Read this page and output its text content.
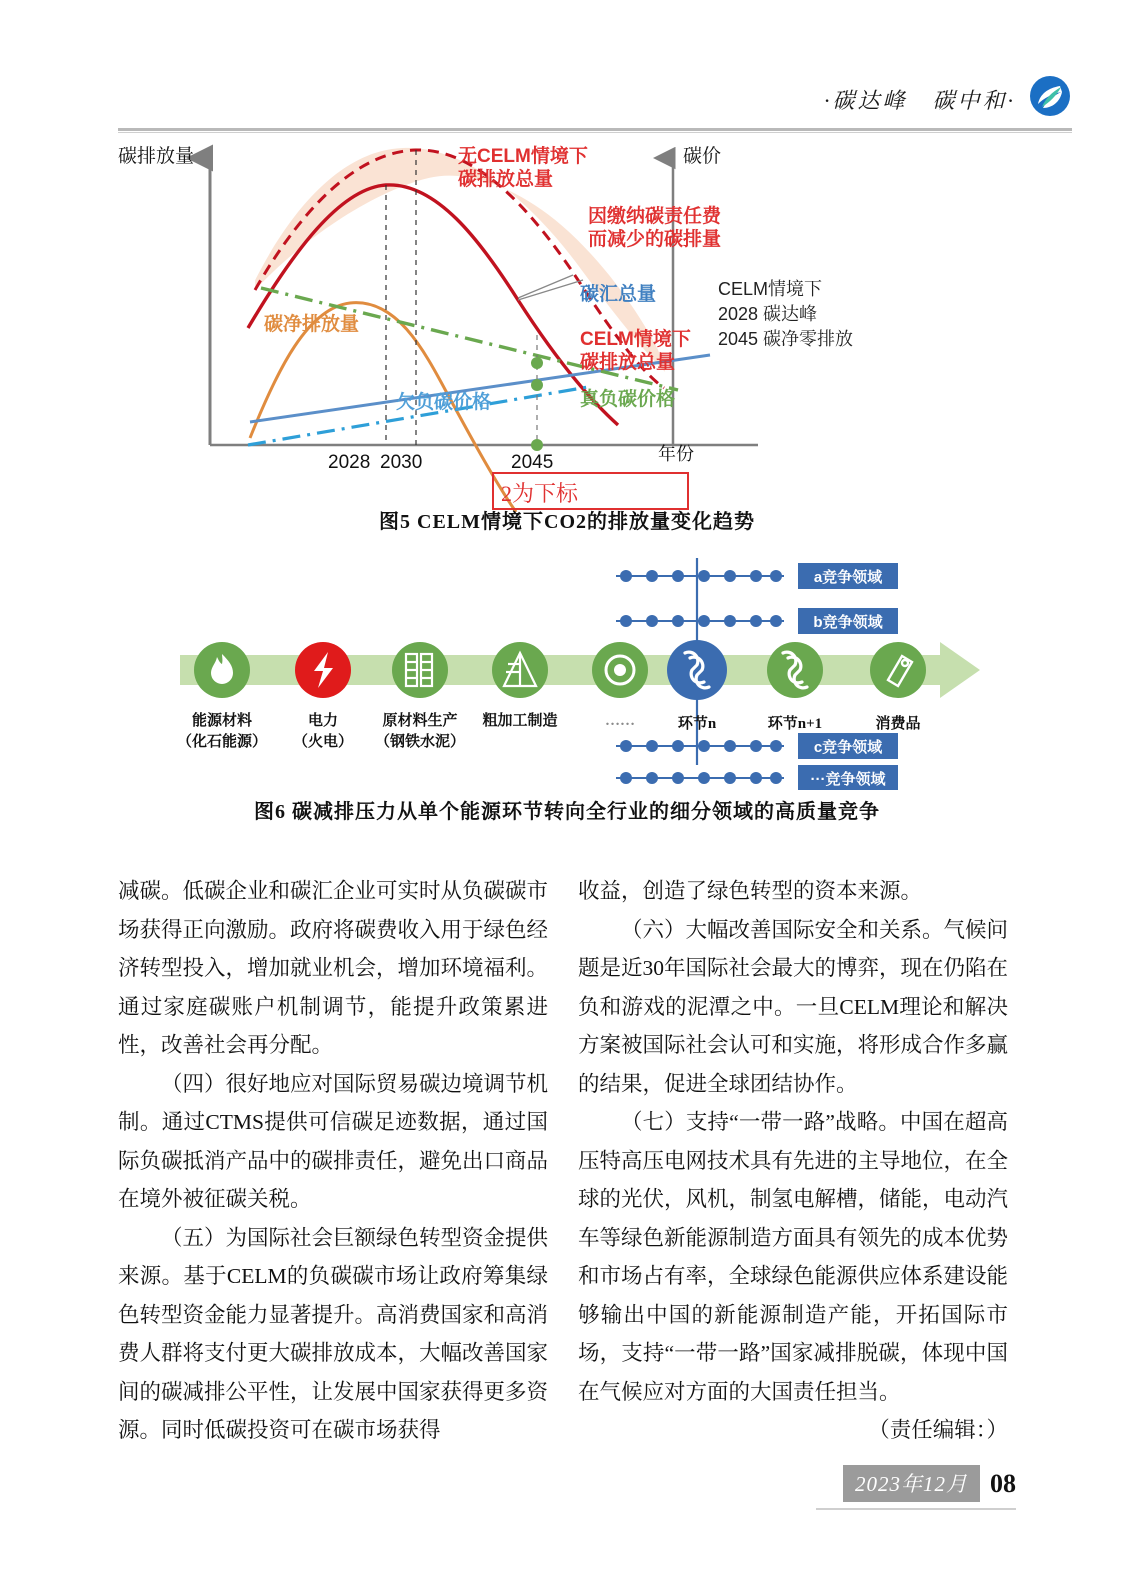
·碳达峰　碳中和·
碳排放量	碳价
年份
2028 2030	2045
无CELM情境下
碳排放总量
因缴纳碳责任费
而减少的碳排量
碳汇总量
CELM情境下
碳排放总量
碳净排放量
欠负碳价格	真负碳价格
CELM情境下
2028 碳达峰
2045 碳净零排放
2为下标
图5 CELM情境下CO2的排放量变化趋势
a竞争领域
b竞争领域
能源材料
（化石能源）
电力
（火电）
原材料生产
（钢铁水泥）
粗加工制造	……	环节n	环节n+1	消费品
c竞争领域
···竞争领域
图6 碳减排压力从单个能源环节转向全行业的细分领域的高质量竞争

减碳。低碳企业和碳汇企业可实时从负碳碳市场获得正向激励。政府将碳费收入用于绿色经济转型投入，增加就业机会，增加环境福利。通过家庭碳账户机制调节，能提升政策累进性，改善社会再分配。

（四）很好地应对国际贸易碳边境调节机制。通过CTMS提供可信碳足迹数据，通过国际负碳抵消产品中的碳排责任，避免出口商品在境外被征碳关税。

（五）为国际社会巨额绿色转型资金提供来源。基于CELM的负碳碳市场让政府筹集绿色转型资金能力显著提升。高消费国家和高消费人群将支付更大碳排放成本，大幅改善国家间的碳减排公平性，让发展中国家获得更多资源。同时低碳投资可在碳市场获得

收益，创造了绿色转型的资本来源。

（六）大幅改善国际安全和关系。气候问题是近30年国际社会最大的博弈，现在仍陷在负和游戏的泥潭之中。一旦CELM理论和解决方案被国际社会认可和实施，将形成合作多赢的结果，促进全球团结协作。

（七）支持“一带一路”战略。中国在超高压特高压电网技术具有先进的主导地位，在全球的光伏，风机，制氢电解槽，储能，电动汽车等绿色新能源制造方面具有领先的成本优势和市场占有率，全球绿色能源供应体系建设能够输出中国的新能源制造产能，开拓国际市场，支持“一带一路”国家减排脱碳，体现中国在气候应对方面的大国责任担当。

（责任编辑：）

2023年12月 08
